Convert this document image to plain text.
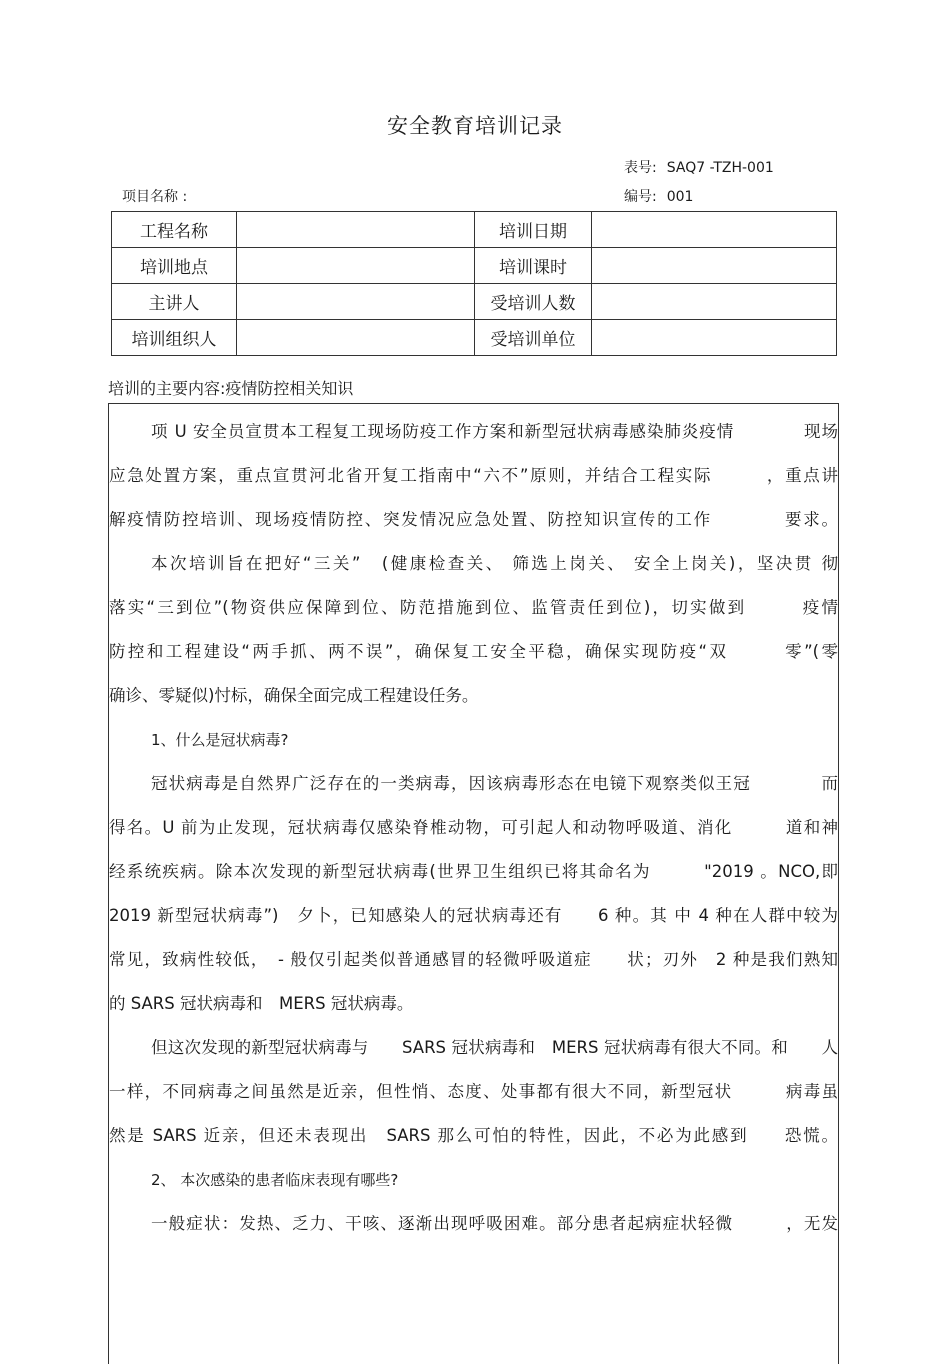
安全教育培训记录
表号: SAQ7 -TZH-001
项目名称 :	编号: 001
工程名称		培训日期	
培训地点		培训课时	
主讲人		受培训人数	
培训组织人		受培训单位	
培训的主要内容:疫情防控相关知识
项 U 安全员宣贯本工程复工现场防疫工作方案和新型冠状病毒感染肺炎疫情　　　　现场
应急处置方案，重点宣贯河北省开复工指南中“六不”原则，并结合工程实际　　　，重点讲
解疫情防控培训、现场疫情防控、突发情况应急处置、防控知识宣传的工作　　　　要求。
本次培训旨在把好“三关”　(健康检查关、 筛选上岗关、 安全上岗关)，坚决贯 彻
落实“三到位”(物资供应保障到位、防范措施到位、监管责任到位)，切实做到　　　疫情
防控和工程建设“两手抓、两不误”，确保复工安全平稳，确保实现防疫“双　　　零”(零
确诊、零疑似)忖标，确保全面完成工程建设任务。
1、什么是冠状病毒?
冠状病毒是自然界广泛存在的一类病毒，因该病毒形态在电镜下观察类似王冠　　　　而
得名。U 前为止发现，冠状病毒仅感染脊椎动物，可引起人和动物呼吸道、消化　　　道和神
经系统疾病。除本次发现的新型冠状病毒(世界卫生组织已将其命名为　　　"2019 。NCO,即
2019 新型冠状病毒”)　夕卜，已知感染人的冠状病毒还有　　6 种。其 中 4 种在人群中较为
常见，致病性较低，　- 般仅引起类似普通感冒的轻微呼吸道症　　状；刃外　2 种是我们熟知
的 SARS 冠状病毒和　MERS 冠状病毒。
但这次发现的新型冠状病毒与　　SARS 冠状病毒和　MERS 冠状病毒有很大不同。和　　人
一样，不同病毒之间虽然是近亲，但性悄、态度、处事都有很大不同，新型冠状　　　病毒虽
然是 SARS 近亲，但还未表现出　SARS 那么可怕的特性，因此，不必为此感到　　恐慌。
2、 本次感染的患者临床表现有哪些?
一般症状：发热、乏力、干咳、逐渐出现呼吸困难。部分患者起病症状轻微　　　，无发
